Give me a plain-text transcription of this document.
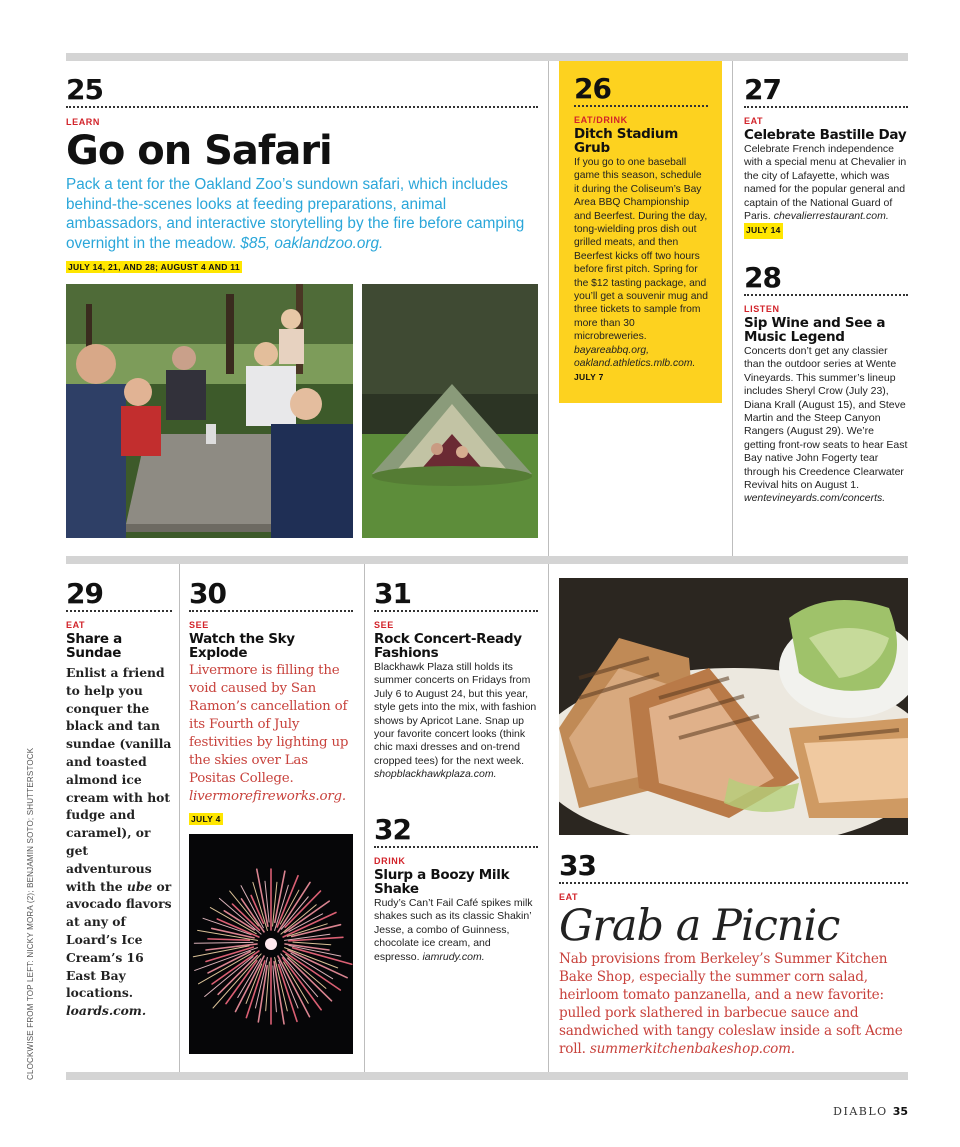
25
LEARN
Go on Safari
Pack a tent for the Oakland Zoo’s sundown safari, which includes behind-the-scenes looks at feeding preparations, animal ambassadors, and interactive storytelling by the fire before camping overnight in the meadow. $85, oaklandzoo.org.
JULY 14, 21, AND 28; AUGUST 4 AND 11
26
EAT/DRINK
Ditch Stadium Grub
If you go to one baseball game this season, schedule it during the Coliseum’s Bay Area BBQ Championship and Beerfest. During the day, tong-wielding pros dish out grilled meats, and then Beerfest kicks off two hours before first pitch. Spring for the $12 tasting package, and you’ll get a souvenir mug and three tickets to sample from more than 30 microbreweries. bayareabbq.org, oakland.athletics.mlb.com.
JULY 7
27
EAT
Celebrate Bastille Day
Celebrate French independence with a special menu at Chevalier in the city of Lafayette, which was named for the popular general and captain of the National Guard of Paris. chevalierrestaurant.com. JULY 14
28
LISTEN
Sip Wine and See a Music Legend
Concerts don’t get any classier than the outdoor series at Wente Vineyards. This summer’s lineup includes Sheryl Crow (July 23), Diana Krall (August 15), and Steve Martin and the Steep Canyon Rangers (August 29). We’re getting front-row seats to hear East Bay native John Fogerty tear through his Creedence Clearwater Revival hits on August 1. wentevineyards.com/concerts.
29
EAT
Share a Sundae
Enlist a friend to help you conquer the black and tan sundae (vanilla and toasted almond ice cream with hot fudge and caramel), or get adventurous with the ube or avocado flavors at any of Loard’s Ice Cream’s 16 East Bay locations. loards.com.
30
SEE
Watch the Sky Explode
Livermore is filling the void caused by San Ramon’s cancellation of its Fourth of July festivities by lighting up the skies over Las Positas College. livermorefireworks.org.
JULY 4
31
SEE
Rock Concert-Ready Fashions
Blackhawk Plaza still holds its summer concerts on Fridays from July 6 to August 24, but this year, style gets into the mix, with fashion shows by Apricot Lane. Snap up your favorite concert looks (think chic maxi dresses and on-trend cropped tees) for the next week. shopblackhawkplaza.com.
32
DRINK
Slurp a Boozy Milk Shake
Rudy’s Can’t Fail Café spikes milk shakes such as its classic Shakin’ Jesse, a combo of Guinness, chocolate ice cream, and espresso. iamrudy.com.
33
EAT
Grab a Picnic
Nab provisions from Berkeley’s Summer Kitchen Bake Shop, especially the summer corn salad, heirloom tomato panzanella, and a new favorite: pulled pork slathered in barbecue sauce and sandwiched with tangy coleslaw inside a soft Acme roll. summerkitchenbakeshop.com.
CLOCKWISE FROM TOP LEFT: NICKY MORA (2); BENJAMIN SOTO; SHUTTERSTOCK
DIABLO 35
